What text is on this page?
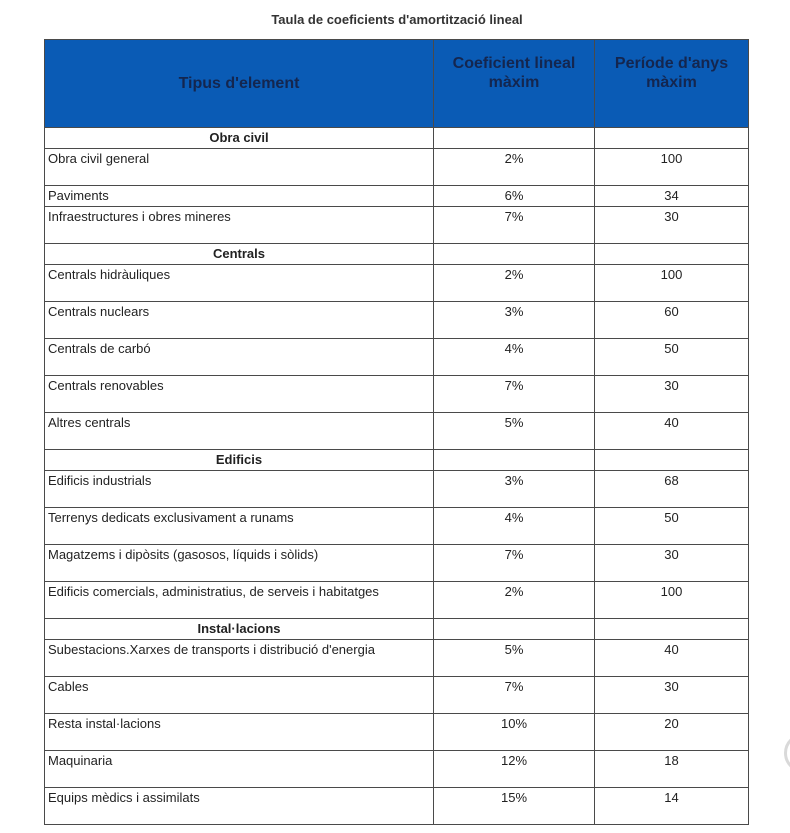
Taula de coeficients d'amortització lineal
Tipus d'element	Coeficient lineal màxim	Període d'anys màxim
Obra civil		
Obra civil general	2%	100
Paviments	6%	34
Infraestructures i obres mineres	7%	30
Centrals		
Centrals hidràuliques	2%	100
Centrals nuclears	3%	60
Centrals de carbó	4%	50
Centrals renovables	7%	30
Altres centrals	5%	40
Edificis		
Edificis industrials	3%	68
Terrenys dedicats exclusivament a runams	4%	50
Magatzems i dipòsits (gasosos, líquids i sòlids)	7%	30
Edificis comercials, administratius, de serveis i habitatges	2%	100
Instal·lacions		
Subestacions.Xarxes de transports i distribució d'energia	5%	40
Cables	7%	30
Resta instal·lacions	10%	20
Maquinaria	12%	18
Equips mèdics i assimilats	15%	14
